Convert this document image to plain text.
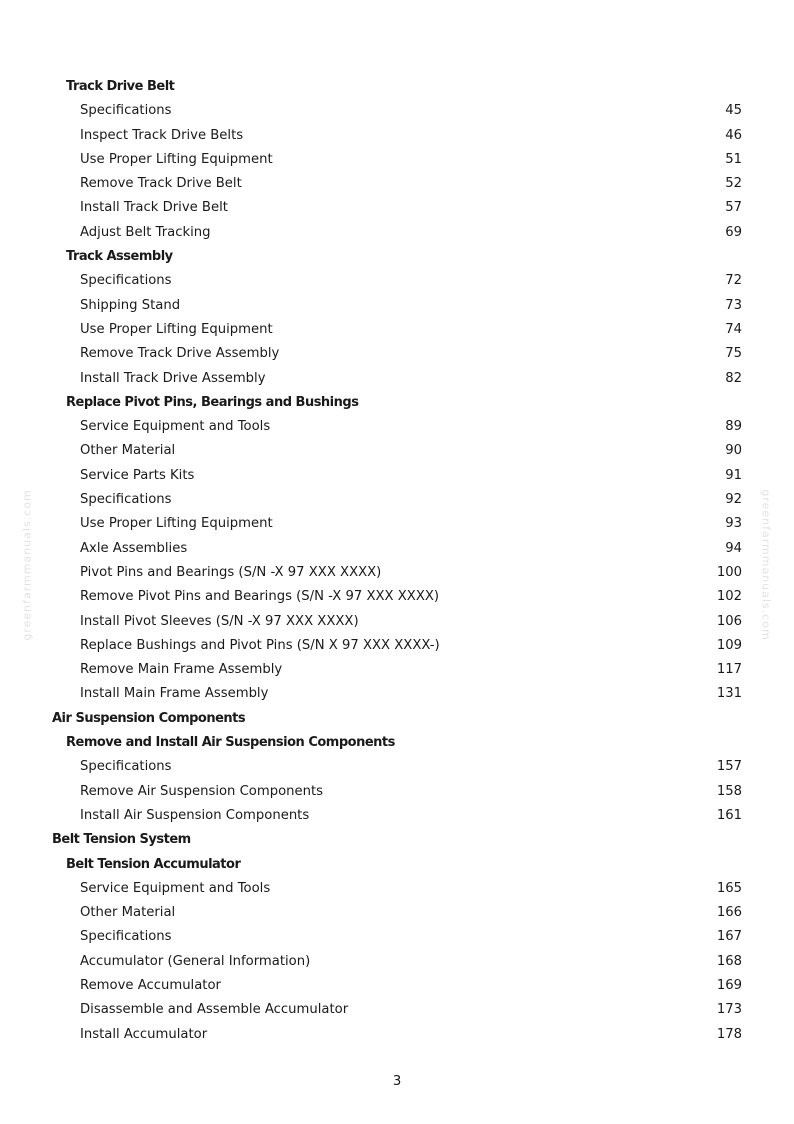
greenfarmmanuals.com	greenfarmmanuals.com
Track Drive Belt
Specifications	45
Inspect Track Drive Belts	46
Use Proper Lifting Equipment	51
Remove Track Drive Belt	52
Install Track Drive Belt	57
Adjust Belt Tracking	69
Track Assembly
Specifications	72
Shipping Stand	73
Use Proper Lifting Equipment	74
Remove Track Drive Assembly	75
Install Track Drive Assembly	82
Replace Pivot Pins, Bearings and Bushings
Service Equipment and Tools	89
Other Material	90
Service Parts Kits	91
Specifications	92
Use Proper Lifting Equipment	93
Axle Assemblies	94
Pivot Pins and Bearings (S/N -X 97 XXX XXXX)	100
Remove Pivot Pins and Bearings (S/N -X 97 XXX XXXX)	102
Install Pivot Sleeves (S/N -X 97 XXX XXXX)	106
Replace Bushings and Pivot Pins (S/N X 97 XXX XXXX-)	109
Remove Main Frame Assembly	117
Install Main Frame Assembly	131
Air Suspension Components
Remove and Install Air Suspension Components
Specifications	157
Remove Air Suspension Components	158
Install Air Suspension Components	161
Belt Tension System
Belt Tension Accumulator
Service Equipment and Tools	165
Other Material	166
Specifications	167
Accumulator (General Information)	168
Remove Accumulator	169
Disassemble and Assemble Accumulator	173
Install Accumulator	178
3
